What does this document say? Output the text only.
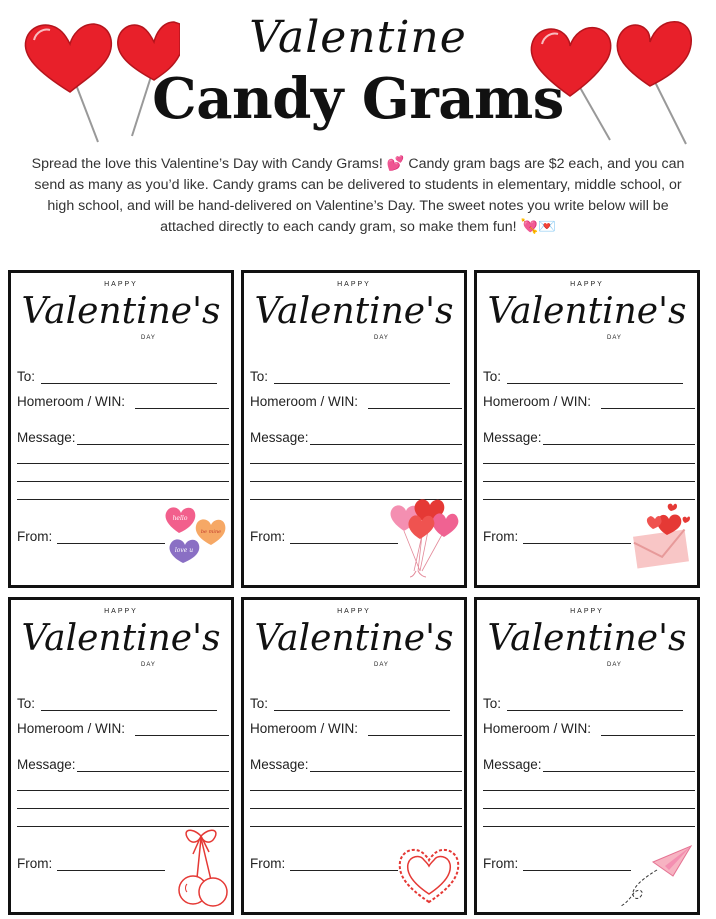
Valentine
Candy Grams
Spread the love this Valentine’s Day with Candy Grams! 💕 Candy gram bags are $2 each, and you can send as many as you’d like. Candy grams can be delivered to students in elementary, middle school, or high school, and will be hand-delivered on Valentine’s Day. The sweet notes you write below will be attached directly to each candy gram, so make them fun! 💘💌
HAPPY
Valentine's
DAY
To:
Homeroom / WIN:
Message:
From:
hello
be mine
love u
HAPPY
Valentine's
DAY
To:
Homeroom / WIN:
Message:
From:
HAPPY
Valentine's
DAY
To:
Homeroom / WIN:
Message:
From:
HAPPY
Valentine's
DAY
To:
Homeroom / WIN:
Message:
From:
HAPPY
Valentine's
DAY
To:
Homeroom / WIN:
Message:
From:
HAPPY
Valentine's
DAY
To:
Homeroom / WIN:
Message:
From:
